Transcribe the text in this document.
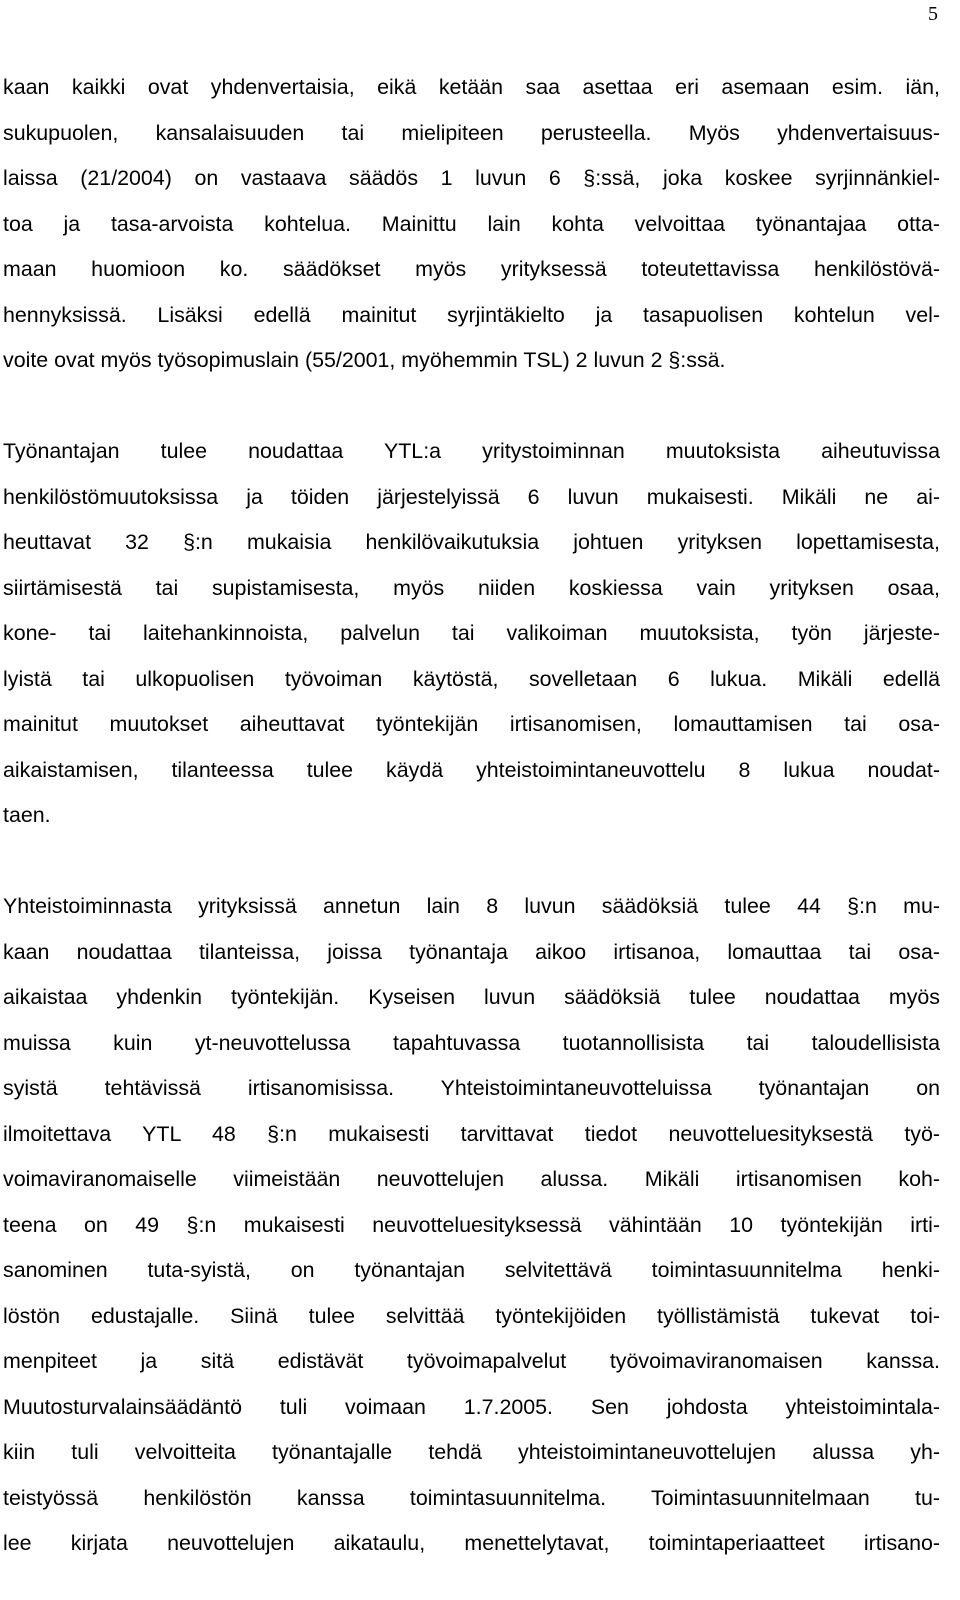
5
kaan kaikki ovat yhdenvertaisia, eikä ketään saa asettaa eri asemaan esim. iän,
sukupuolen, kansalaisuuden tai mielipiteen perusteella. Myös yhdenvertaisuus-
laissa (21/2004) on vastaava säädös 1 luvun 6 §:ssä, joka koskee syrjinnänkiel-
toa ja tasa-arvoista kohtelua. Mainittu lain kohta velvoittaa työnantajaa otta-
maan huomioon ko. säädökset myös yrityksessä toteutettavissa henkilöstövä-
hennyksissä. Lisäksi edellä mainitut syrjintäkielto ja tasapuolisen kohtelun vel-
voite ovat myös työsopimuslain (55/2001, myöhemmin TSL) 2 luvun 2 §:ssä.
Työnantajan tulee noudattaa YTL:a yritystoiminnan muutoksista aiheutuvissa
henkilöstömuutoksissa ja töiden järjestelyissä 6 luvun mukaisesti. Mikäli ne ai-
heuttavat 32 §:n mukaisia henkilövaikutuksia johtuen yrityksen lopettamisesta,
siirtämisestä tai supistamisesta, myös niiden koskiessa vain yrityksen osaa,
kone- tai laitehankinnoista, palvelun tai valikoiman muutoksista, työn järjeste-
lyistä tai ulkopuolisen työvoiman käytöstä, sovelletaan 6 lukua. Mikäli edellä
mainitut muutokset aiheuttavat työntekijän irtisanomisen, lomauttamisen tai osa-
aikaistamisen, tilanteessa tulee käydä yhteistoimintaneuvottelu 8 lukua noudat-
taen.
Yhteistoiminnasta yrityksissä annetun lain 8 luvun säädöksiä tulee 44 §:n mu-
kaan noudattaa tilanteissa, joissa työnantaja aikoo irtisanoa, lomauttaa tai osa-
aikaistaa yhdenkin työntekijän. Kyseisen luvun säädöksiä tulee noudattaa myös
muissa kuin yt-neuvottelussa tapahtuvassa tuotannollisista tai taloudellisista
syistä tehtävissä irtisanomisissa. Yhteistoimintaneuvotteluissa työnantajan on
ilmoitettava YTL 48 §:n mukaisesti tarvittavat tiedot neuvotteluesityksestä työ-
voimaviranomaiselle viimeistään neuvottelujen alussa. Mikäli irtisanomisen koh-
teena on 49 §:n mukaisesti neuvotteluesityksessä vähintään 10 työntekijän irti-
sanominen tuta-syistä, on työnantajan selvitettävä toimintasuunnitelma henki-
löstön edustajalle. Siinä tulee selvittää työntekijöiden työllistämistä tukevat toi-
menpiteet ja sitä edistävät työvoimapalvelut työvoimaviranomaisen kanssa.
Muutosturvalainsäädäntö tuli voimaan 1.7.2005. Sen johdosta yhteistoimintala-
kiin tuli velvoitteita työnantajalle tehdä yhteistoimintaneuvottelujen alussa yh-
teistyössä henkilöstön kanssa toimintasuunnitelma. Toimintasuunnitelmaan tu-
lee kirjata neuvottelujen aikataulu, menettelytavat, toimintaperiaatteet irtisano-
